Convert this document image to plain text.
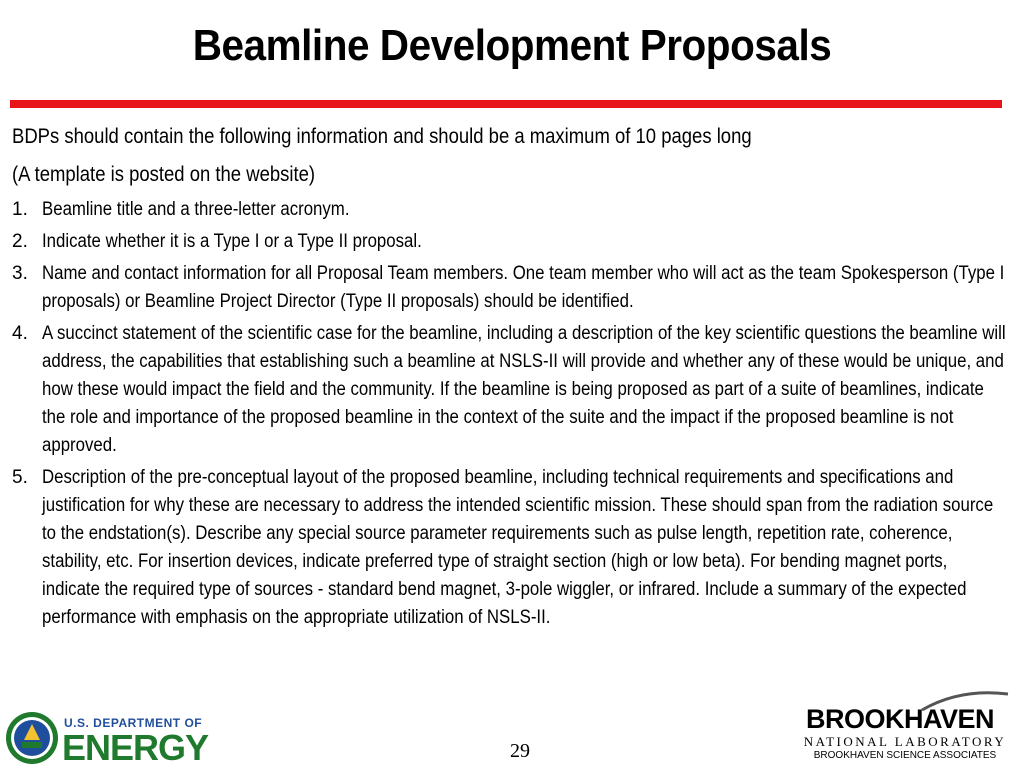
Beamline Development Proposals

BDPs should contain the following information and should be a maximum of 10 pages long

(A template is posted on the website)

1. Beamline title and a three-letter acronym.
2. Indicate whether it is a Type I or a Type II proposal.
3. Name and contact information for all Proposal Team members. One team member who will act as the team Spokesperson (Type I proposals) or Beamline Project Director (Type II proposals) should be identified.
4. A succinct statement of the scientific case for the beamline, including a description of the key scientific questions the beamline will address, the capabilities that establishing such a beamline at NSLS-II will provide and whether any of these would be unique, and how these would impact the field and the community. If the beamline is being proposed as part of a suite of beamlines, indicate the role and importance of the proposed beamline in the context of the suite and the impact if the proposed beamline is not approved.
5. Description of the pre-conceptual layout of the proposed beamline, including technical requirements and specifications and justification for why these are necessary to address the intended scientific mission. These should span from the radiation source to the endstation(s). Describe any special source parameter requirements such as pulse length, repetition rate, coherence, stability, etc. For insertion devices, indicate preferred type of straight section (high or low beta). For bending magnet ports, indicate the required type of sources - standard bend magnet, 3-pole wiggler, or infrared. Include a summary of the expected performance with emphasis on the appropriate utilization of NSLS-II.
U.S. DEPARTMENT OF
ENERGY	29
BROOKHAVEN
NATIONAL LABORATORY
BROOKHAVEN SCIENCE ASSOCIATES
